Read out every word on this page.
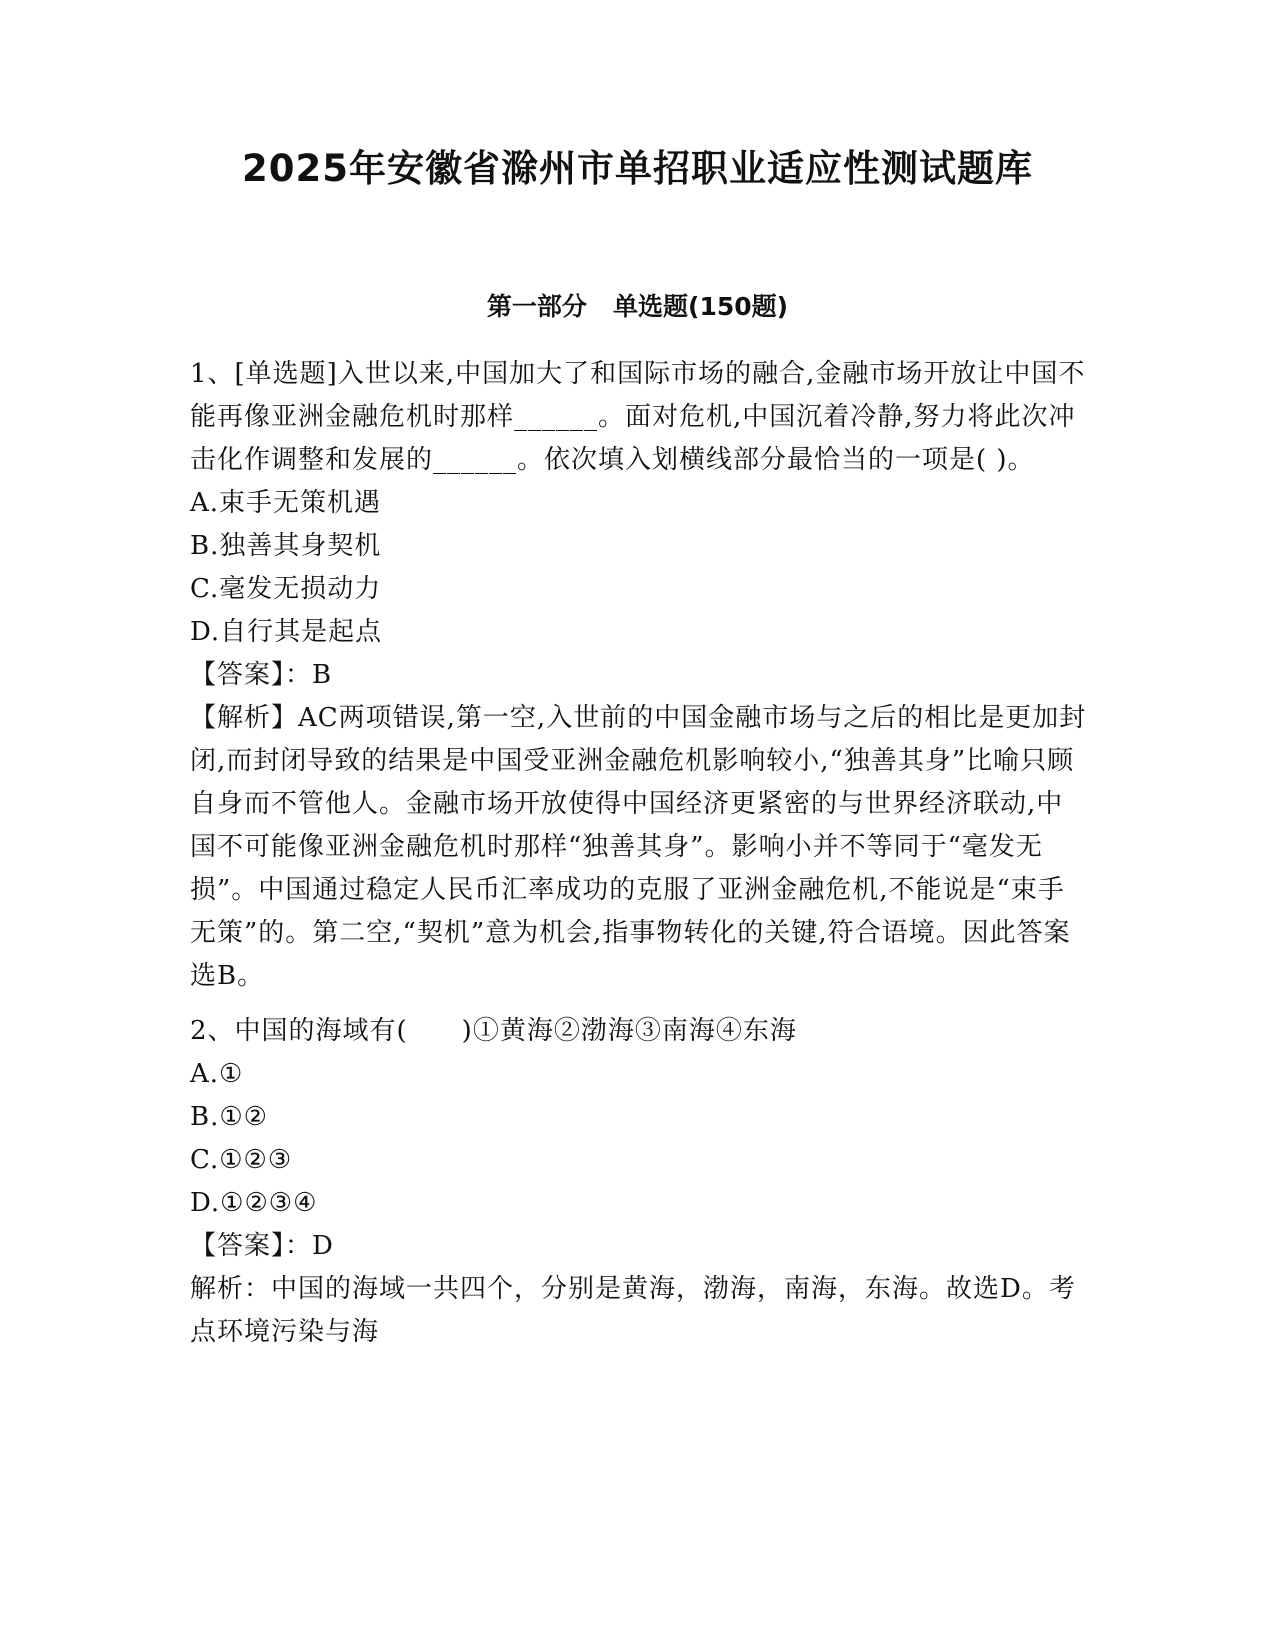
2025年安徽省滁州市单招职业适应性测试题库
第一部分   单选题(150题)

1、[单选题]入世以来,中国加大了和国际市场的融合,金融市场开放让中国不能再像亚洲金融危机时那样______。面对危机,中国沉着冷静,努力将此次冲击化作调整和发展的______。依次填入划横线部分最恰当的一项是( )。

A.束手无策机遇

B.独善其身契机

C.毫发无损动力

D.自行其是起点

【答案】：B

【解析】AC两项错误,第一空,入世前的中国金融市场与之后的相比是更加封闭,而封闭导致的结果是中国受亚洲金融危机影响较小,“独善其身”比喻只顾自身而不管他人。金融市场开放使得中国经济更紧密的与世界经济联动,中国不可能像亚洲金融危机时那样“独善其身”。影响小并不等同于“毫发无损”。中国通过稳定人民币汇率成功的克服了亚洲金融危机,不能说是“束手无策”的。第二空,“契机”意为机会,指事物转化的关键,符合语境。因此答案选B。

2、中国的海域有(　　)①黄海②渤海③南海④东海

A.①

B.①②

C.①②③

D.①②③④

【答案】：D

解析：中国的海域一共四个，分别是黄海，渤海，南海，东海。故选D。考点环境污染与海
